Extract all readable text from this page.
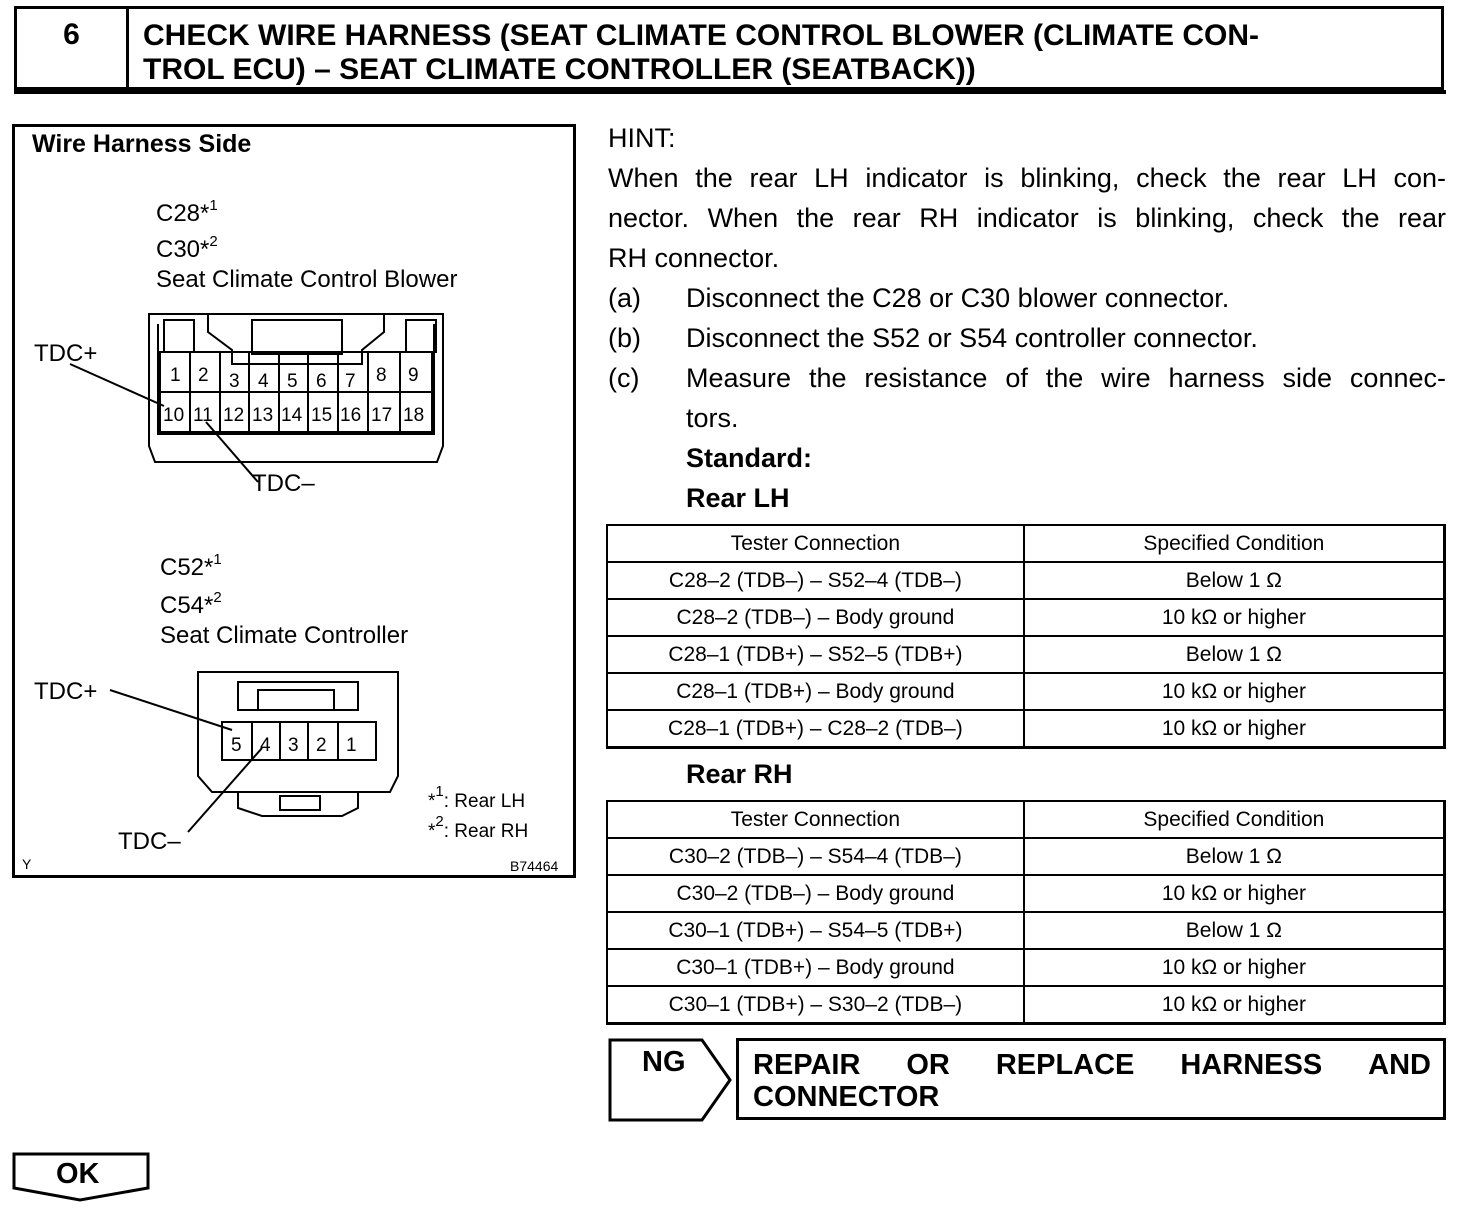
6	CHECK WIRE HARNESS (SEAT CLIMATE CONTROL BLOWER (CLIMATE CON-
TROL ECU) – SEAT CLIMATE CONTROLLER (SEATBACK))
Wire Harness Side
C28*$^1$
C30*$^2$
Seat Climate Control Blower
1 2 3 4 5 6 7 8 9
10 11 12 13 14 15 16 17 18
TDC+
TDC–
C52*$^1$
C54*$^2$
Seat Climate Controller
5 4 3 2 1
TDC+
TDC–
*$^1$: Rear LH
*$^2$: Rear RH
Y	B74464
HINT:
When the rear LH indicator is blinking, check the rear LH con-
nector. When the rear RH indicator is blinking, check the rear
RH connector.
(a) Disconnect the C28 or C30 blower connector.
(b) Disconnect the S52 or S54 controller connector.
(c) Measure the resistance of the wire harness side connec-
tors.
Standard:
Rear LH
Tester Connection	Specified Condition
C28–2 (TDB–) – S52–4 (TDB–)	Below 1 Ω
C28–2 (TDB–) – Body ground	10 kΩ or higher
C28–1 (TDB+) – S52–5 (TDB+)	Below 1 Ω
C28–1 (TDB+) – Body ground	10 kΩ or higher
C28–1 (TDB+) – C28–2 (TDB–)	10 kΩ or higher
Rear RH
Tester Connection	Specified Condition
C30–2 (TDB–) – S54–4 (TDB–)	Below 1 Ω
C30–2 (TDB–) – Body ground	10 kΩ or higher
C30–1 (TDB+) – S54–5 (TDB+)	Below 1 Ω
C30–1 (TDB+) – Body ground	10 kΩ or higher
C30–1 (TDB+) – S30–2 (TDB–)	10 kΩ or higher
NG REPAIR OR REPLACE HARNESS AND
CONNECTOR
OK
